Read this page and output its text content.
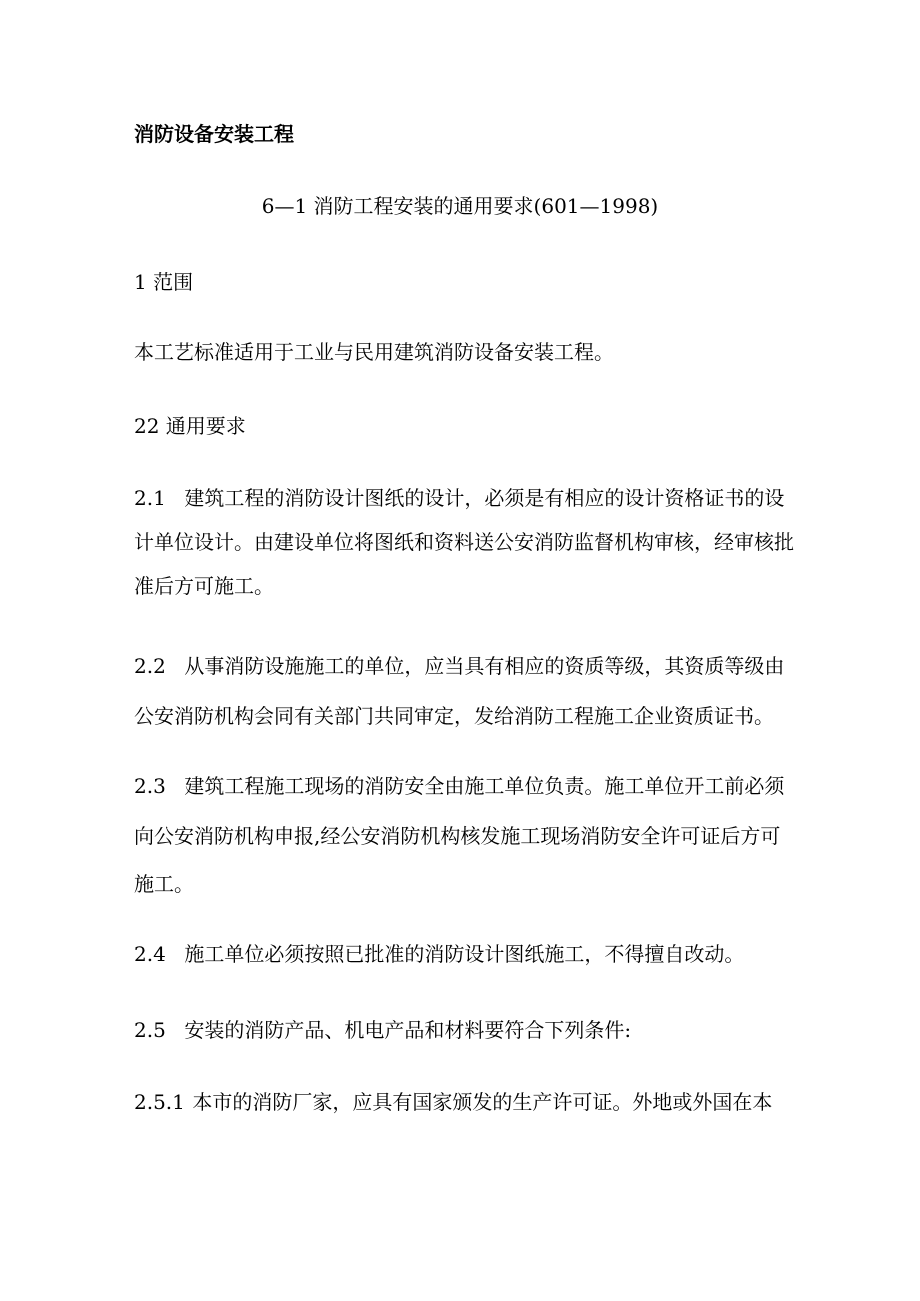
消防设备安装工程
6—1 消防工程安装的通用要求(601—1998)
1 范围
本工艺标准适用于工业与民用建筑消防设备安装工程。
22 通用要求
2.1 建筑工程的消防设计图纸的设计，必须是有相应的设计资格证书的设
计单位设计。由建设单位将图纸和资料送公安消防监督机构审核，经审核批
准后方可施工。
2.2 从事消防设施施工的单位，应当具有相应的资质等级，其资质等级由
公安消防机构会同有关部门共同审定，发给消防工程施工企业资质证书。
2.3 建筑工程施工现场的消防安全由施工单位负责。施工单位开工前必须
向公安消防机构申报,经公安消防机构核发施工现场消防安全许可证后方可
施工。
2.4 施工单位必须按照已批准的消防设计图纸施工，不得擅自改动。
2.5 安装的消防产品、机电产品和材料要符合下列条件:
2.5.1 本市的消防厂家，应具有国家颁发的生产许可证。外地或外国在本
